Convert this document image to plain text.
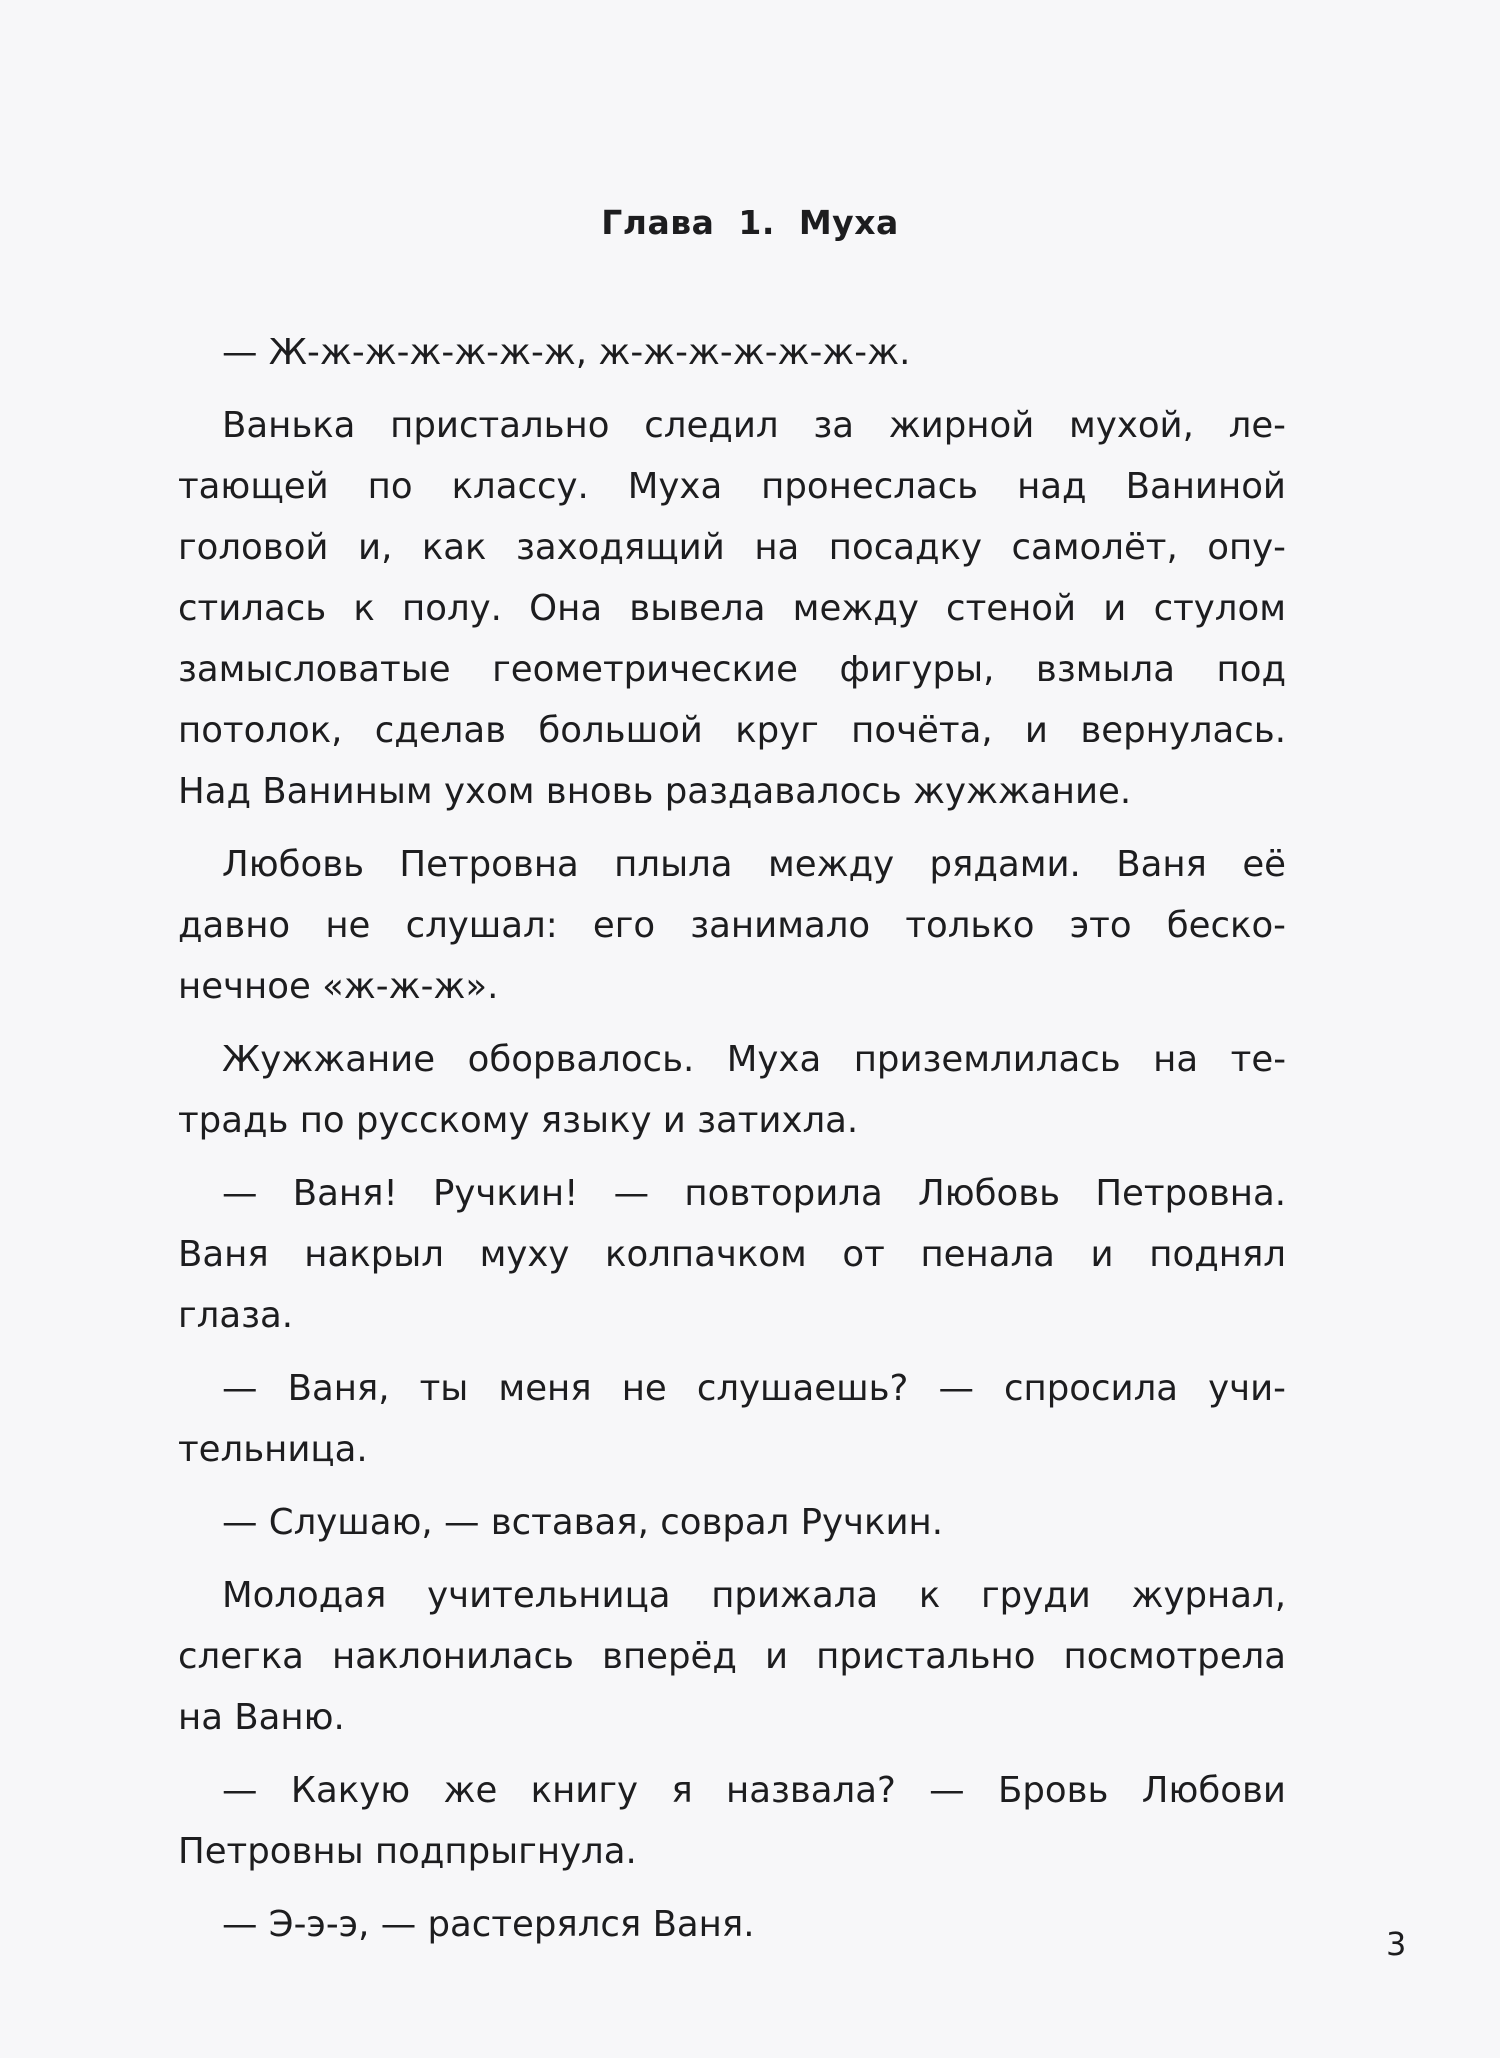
Глава 1. Муха

— Ж-ж-ж-ж-ж-ж-ж, ж-ж-ж-ж-ж-ж-ж.

Ванька пристально следил за жирной мухой, ле-
тающей по классу. Муха пронеслась над Ваниной
головой и, как заходящий на посадку самолёт, опу-
стилась к полу. Она вывела между стеной и стулом
замысловатые геометрические фигуры, взмыла под
потолок, сделав большой круг почёта, и вернулась.
Над Ваниным ухом вновь раздавалось жужжание.

Любовь Петровна плыла между рядами. Ваня её
давно не слушал: его занимало только это беско-
нечное «ж-ж-ж».

Жужжание оборвалось. Муха приземлилась на те-
традь по русскому языку и затихла.

— Ваня! Ручкин! — повторила Любовь Петровна.
Ваня накрыл муху колпачком от пенала и поднял
глаза.

— Ваня, ты меня не слушаешь? — спросила учи-
тельница.

— Слушаю, — вставая, соврал Ручкин.

Молодая учительница прижала к груди журнал,
слегка наклонилась вперёд и пристально посмотрела
на Ваню.

— Какую же книгу я назвала? — Бровь Любови
Петровны подпрыгнула.

— Э-э-э, — растерялся Ваня.	3
